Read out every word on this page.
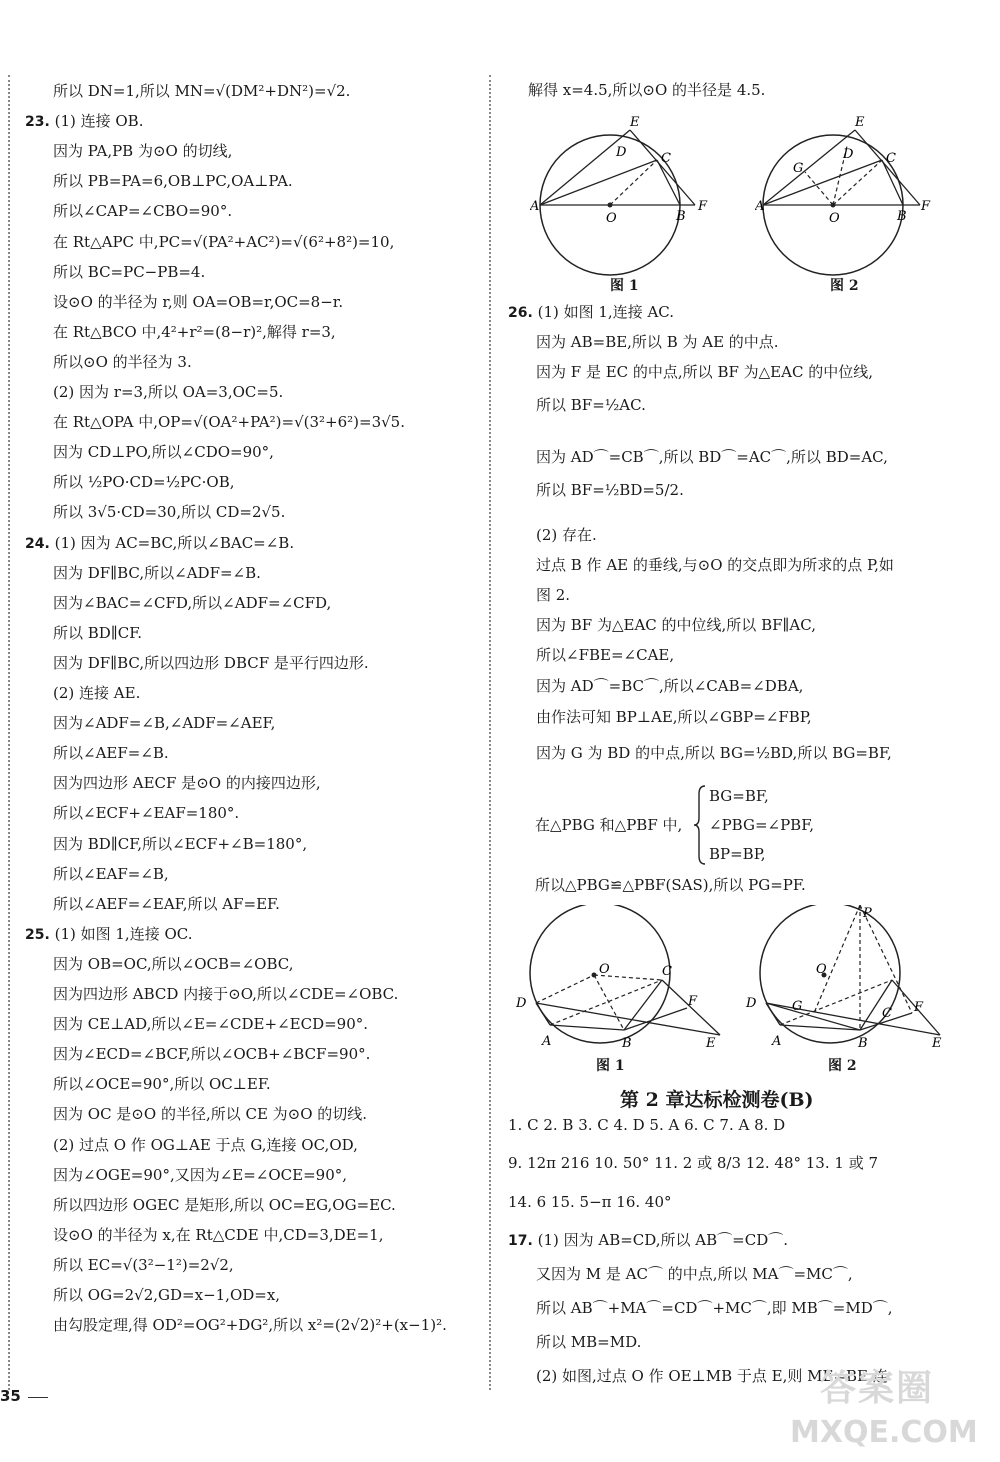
所以 DN=1,所以 MN=√(DM²+DN²)=√2.
23. (1) 连接 OB.
因为 PA,PB 为⊙O 的切线,
所以 PB=PA=6,OB⊥PC,OA⊥PA.
所以∠CAP=∠CBO=90°.
在 Rt△APC 中,PC=√(PA²+AC²)=√(6²+8²)=10,
所以 BC=PC−PB=4.
设⊙O 的半径为 r,则 OA=OB=r,OC=8−r.
在 Rt△BCO 中,4²+r²=(8−r)²,解得 r=3,
所以⊙O 的半径为 3.
(2) 因为 r=3,所以 OA=3,OC=5.
在 Rt△OPA 中,OP=√(OA²+PA²)=√(3²+6²)=3√5.
因为 CD⊥PO,所以∠CDO=90°,
所以 ½PO·CD=½PC·OB,
所以 3√5·CD=30,所以 CD=2√5.
24. (1) 因为 AC=BC,所以∠BAC=∠B.
因为 DF∥BC,所以∠ADF=∠B.
因为∠BAC=∠CFD,所以∠ADF=∠CFD,
所以 BD∥CF.
因为 DF∥BC,所以四边形 DBCF 是平行四边形.
(2) 连接 AE.
因为∠ADF=∠B,∠ADF=∠AEF,
所以∠AEF=∠B.
因为四边形 AECF 是⊙O 的内接四边形,
所以∠ECF+∠EAF=180°.
因为 BD∥CF,所以∠ECF+∠B=180°,
所以∠EAF=∠B,
所以∠AEF=∠EAF,所以 AF=EF.
25. (1) 如图 1,连接 OC.
因为 OB=OC,所以∠OCB=∠OBC,
因为四边形 ABCD 内接于⊙O,所以∠CDE=∠OBC.
因为 CE⊥AD,所以∠E=∠CDE+∠ECD=90°.
因为∠ECD=∠BCF,所以∠OCB+∠BCF=90°.
所以∠OCE=90°,所以 OC⊥EF.
因为 OC 是⊙O 的半径,所以 CE 为⊙O 的切线.
(2) 过点 O 作 OG⊥AE 于点 G,连接 OC,OD,
因为∠OGE=90°,又因为∠E=∠OCE=90°,
所以四边形 OGEC 是矩形,所以 OC=EG,OG=EC.
设⊙O 的半径为 x,在 Rt△CDE 中,CD=3,DE=1,
所以 EC=√(3²−1²)=2√2,
所以 OG=2√2,GD=x−1,OD=x,
由勾股定理,得 OD²=OG²+DG²,所以 x²=(2√2)²+(x−1)².
解得 x=4.5,所以⊙O 的半径是 4.5.
E
D	C
A
O	B
F
图 1
E
D
G
C
A
O	B
F
图 2
26. (1) 如图 1,连接 AC.
因为 AB=BE,所以 B 为 AE 的中点.
因为 F 是 EC 的中点,所以 BF 为△EAC 的中位线,
所以 BF=½AC.
因为 AD⌒=CB⌒,所以 BD⌒=AC⌒,所以 BD=AC,
所以 BF=½BD=5/2.
(2) 存在.
过点 B 作 AE 的垂线,与⊙O 的交点即为所求的点 P,如
图 2.
因为 BF 为△EAC 的中位线,所以 BF∥AC,
所以∠FBE=∠CAE,
因为 AD⌒=BC⌒,所以∠CAB=∠DBA,
由作法可知 BP⊥AE,所以∠GBP=∠FBP,
因为 G 为 BD 的中点,所以 BG=½BD,所以 BG=BF,
在△PBG 和△PBF 中,
BG=BF,
∠PBG=∠PBF,
BP=BP,
所以△PBG≌△PBF(SAS),所以 PG=PF.
O
D
C
F
A	B	E
图 1
P
O
D	G	C F
A	B	E
图 2
第 2 章达标检测卷(B)
1. C 2. B 3. C 4. D 5. A 6. C 7. A 8. D
9. 12π 216 10. 50° 11. 2 或 8/3 12. 48° 13. 1 或 7
14. 6 15. 5−π 16. 40°
17. (1) 因为 AB=CD,所以 AB⌒=CD⌒.
又因为 M 是 AC⌒ 的中点,所以 MA⌒=MC⌒,
所以 AB⌒+MA⌒=CD⌒+MC⌒,即 MB⌒=MD⌒,
所以 MB=MD.
(2) 如图,过点 O 作 OE⊥MB 于点 E,则 ME=BE,连
35	答案圈
MXQE.COM
